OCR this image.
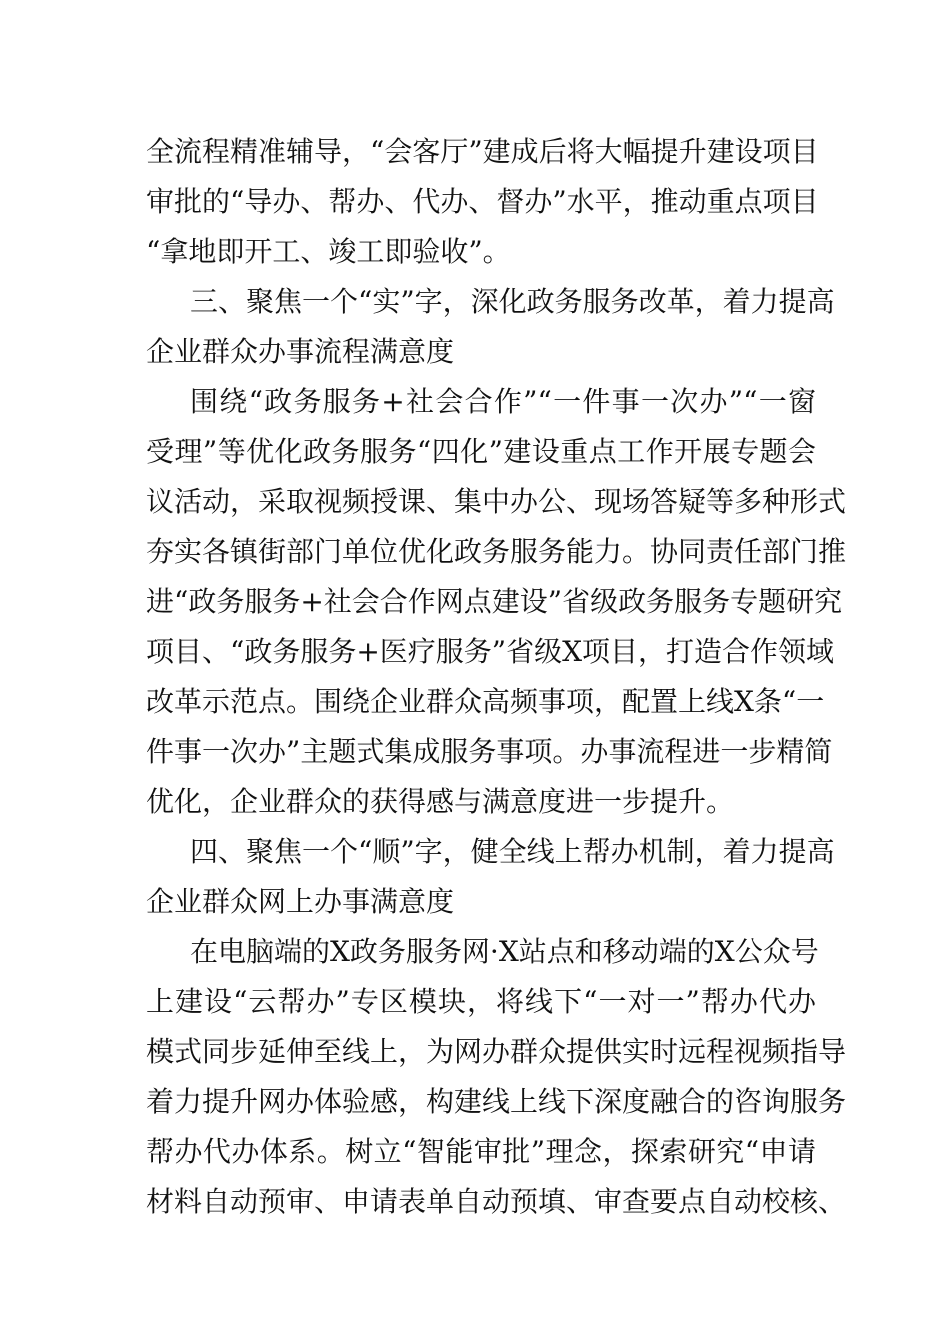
全流程精准辅导，“会客厅”建成后将大幅提升建设项目
审批的“导办、帮办、代办、督办”水平，推动重点项目
“拿地即开工、竣工即验收”。
三、聚焦一个“实”字，深化政务服务改革，着力提高
企业群众办事流程满意度
围绕“政务服务+社会合作”“一件事一次办”“一窗
受理”等优化政务服务“四化”建设重点工作开展专题会
议活动，采取视频授课、集中办公、现场答疑等多种形式
夯实各镇街部门单位优化政务服务能力。协同责任部门推
进“政务服务+社会合作网点建设”省级政务服务专题研究
项目、“政务服务+医疗服务”省级X项目，打造合作领域
改革示范点。围绕企业群众高频事项，配置上线X条“一
件事一次办”主题式集成服务事项。办事流程进一步精简
优化，企业群众的获得感与满意度进一步提升。
四、聚焦一个“顺”字，健全线上帮办机制，着力提高
企业群众网上办事满意度
在电脑端的X政务服务网·X站点和移动端的X公众号
上建设“云帮办”专区模块，将线下“一对一”帮办代办
模式同步延伸至线上，为网办群众提供实时远程视频指导
着力提升网办体验感，构建线上线下深度融合的咨询服务
帮办代办体系。树立“智能审批”理念，探索研究“申请
材料自动预审、申请表单自动预填、审查要点自动校核、
